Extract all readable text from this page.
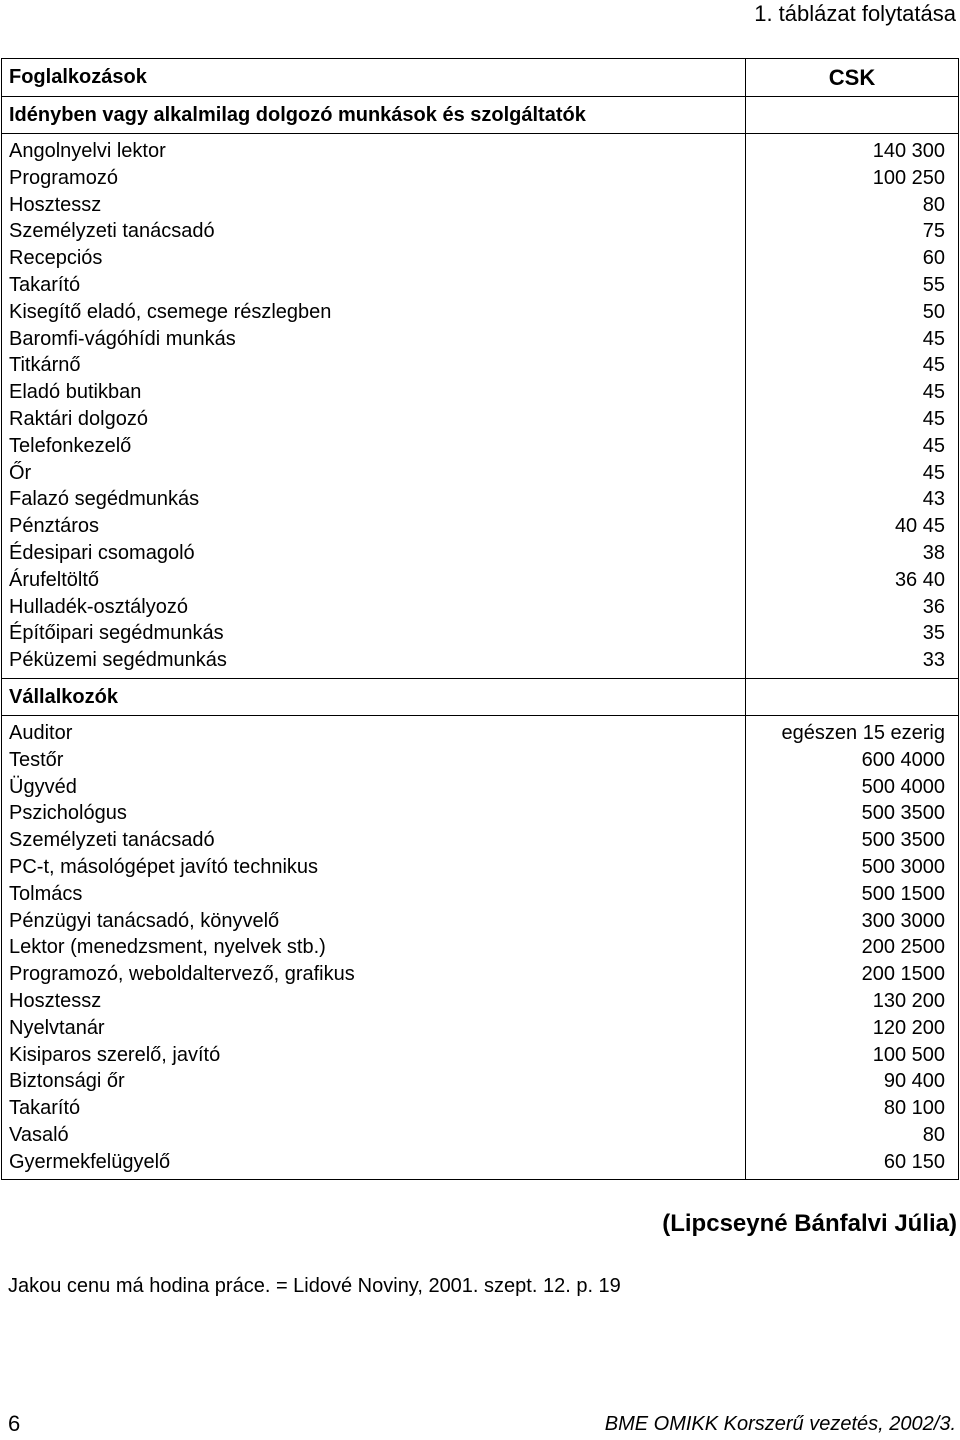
1. táblázat folytatása
Foglalkozások	CSK
Idényben vagy alkalmilag dolgozó munkások és szolgáltatók
Angolnyelvi lektor
Programozó
Hosztessz
Személyzeti tanácsadó
Recepciós
Takarító
Kisegítő eladó, csemege részlegben
Baromfi-vágóhídi munkás
Titkárnő
Eladó butikban
Raktári dolgozó
Telefonkezelő
Őr
Falazó segédmunkás
Pénztáros
Édesipari csomagoló
Árufeltöltő
Hulladék-osztályozó
Építőipari segédmunkás
Péküzemi segédmunkás
140 300
100 250
80
75
60
55
50
45
45
45
45
45
45
43
40 45
38
36 40
36
35
33
Vállalkozók
Auditor
Testőr
Ügyvéd
Pszichológus
Személyzeti tanácsadó
PC-t, másológépet javító technikus
Tolmács
Pénzügyi tanácsadó, könyvelő
Lektor (menedzsment, nyelvek stb.)
Programozó, weboldaltervező, grafikus
Hosztessz
Nyelvtanár
Kisiparos szerelő, javító
Biztonsági őr
Takarító
Vasaló
Gyermekfelügyelő
egészen 15 ezerig
600 4000
500 4000
500 3500
500 3500
500 3000
500 1500
300 3000
200 2500
200 1500
130 200
120 200
100 500
90 400
80 100
80
60 150
(Lipcseyné Bánfalvi Júlia)
Jakou cenu má hodina práce. = Lidové Noviny, 2001. szept. 12. p. 19
6	BME OMIKK Korszerű vezetés, 2002/3.
